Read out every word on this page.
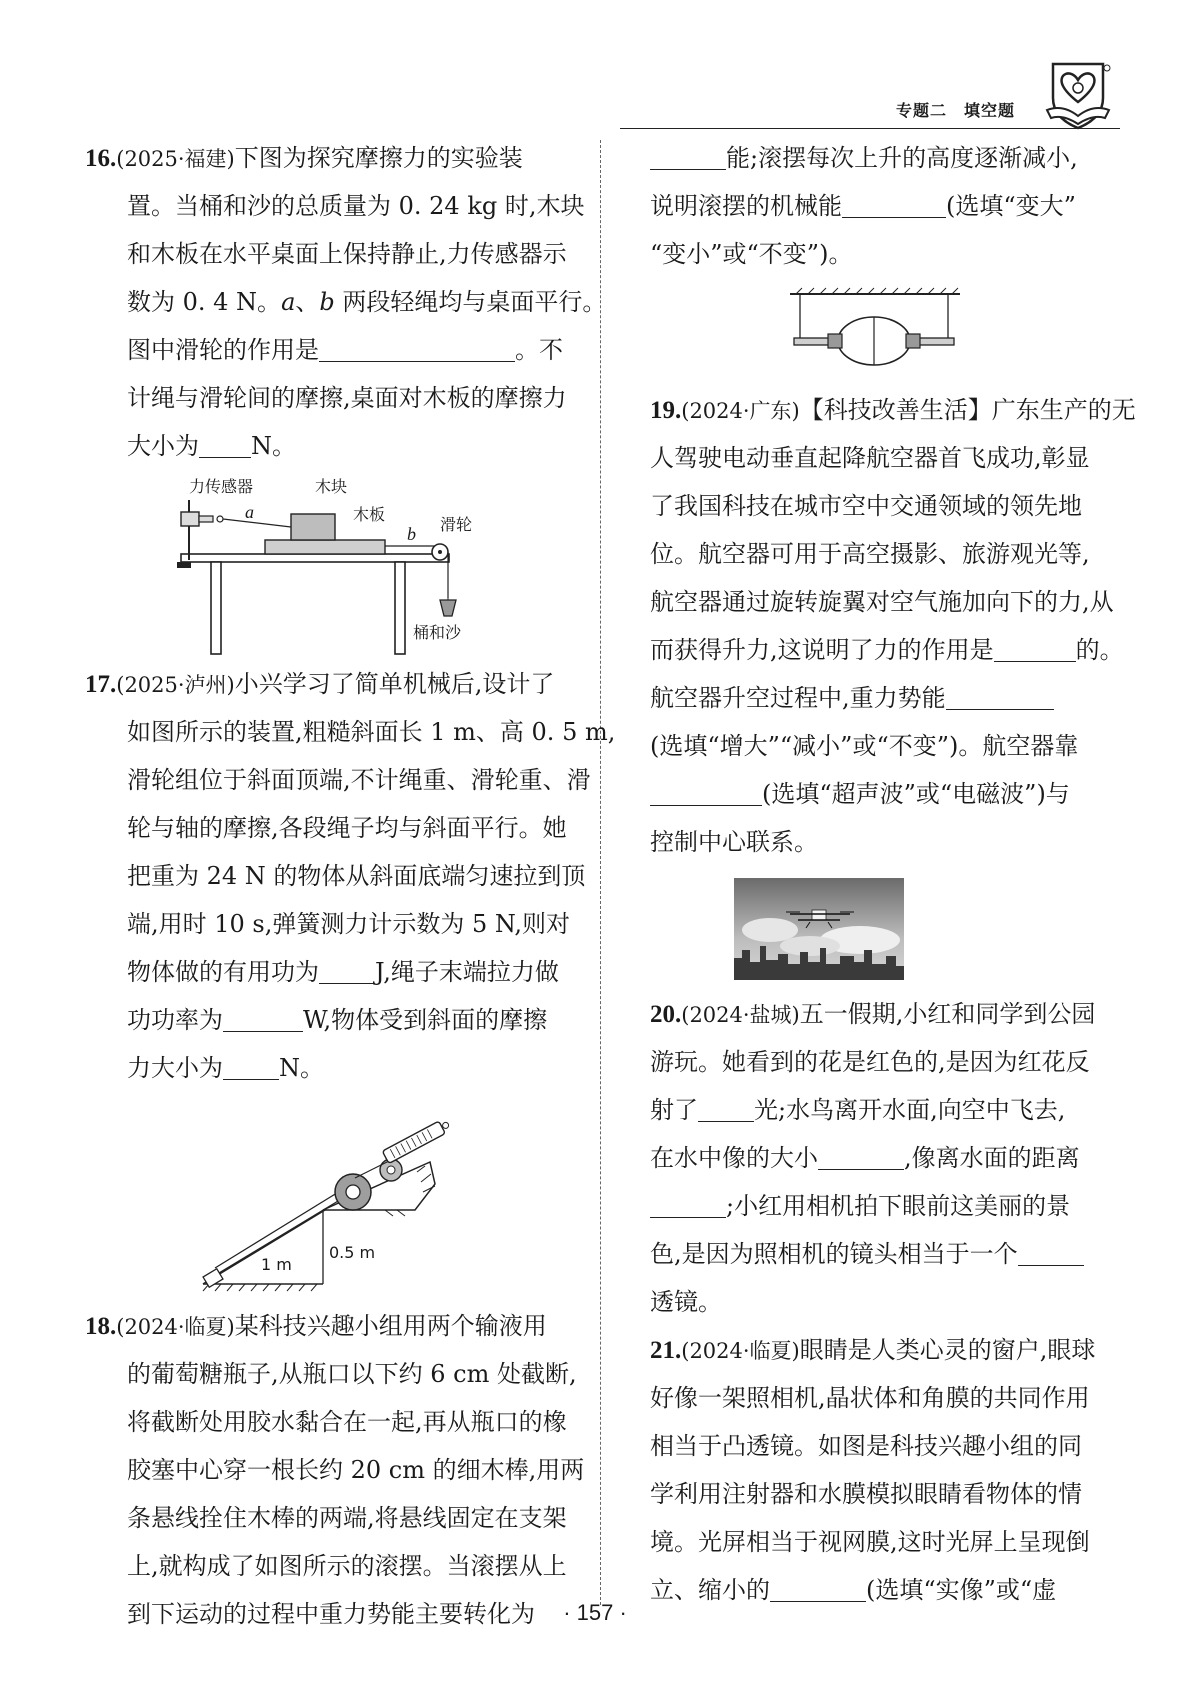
专题二　填空题
16.(2025·福建)下图为探究摩擦力的实验装
置。当桶和沙的总质量为 0. 24 kg 时,木块
和木板在水平桌面上保持静止,力传感器示
数为 0. 4 N。a、b 两段轻绳均与桌面平行。
图中滑轮的作用是	。不
计绳与滑轮间的摩擦,桌面对木板的摩擦力
大小为 N。
力传感器	木块
木板
滑轮
桶和沙
a
b
17.(2025·泸州)小兴学习了简单机械后,设计了
如图所示的装置,粗糙斜面长 1 m、高 0. 5 m,
滑轮组位于斜面顶端,不计绳重、滑轮重、滑
轮与轴的摩擦,各段绳子均与斜面平行。她
把重为 24 N 的物体从斜面底端匀速拉到顶
端,用时 10 s,弹簧测力计示数为 5 N,则对
物体做的有用功为 J,绳子末端拉力做
功功率为	W,物体受到斜面的摩擦
力大小为 N。
1 m
0.5 m
18.(2024·临夏)某科技兴趣小组用两个输液用
的葡萄糖瓶子,从瓶口以下约 6 cm 处截断,
将截断处用胶水黏合在一起,再从瓶口的橡
胶塞中心穿一根长约 20 cm 的细木棒,用两
条悬线拴住木棒的两端,将悬线固定在支架
上,就构成了如图所示的滚摆。当滚摆从上
到下运动的过程中重力势能主要转化为
能;滚摆每次上升的高度逐渐减小,
说明滚摆的机械能	(选填“变大”
“变小”或“不变”)。
19.(2024·广东)【科技改善生活】广东生产的无
人驾驶电动垂直起降航空器首飞成功,彰显
了我国科技在城市空中交通领域的领先地
位。航空器可用于高空摄影、旅游观光等,
航空器通过旋转旋翼对空气施加向下的力,从
而获得升力,这说明了力的作用是	的。
航空器升空过程中,重力势能
(选填“增大”“减小”或“不变”)。航空器靠
(选填“超声波”或“电磁波”)与
控制中心联系。
20.(2024·盐城)五一假期,小红和同学到公园
游玩。她看到的花是红色的,是因为红花反
射了 光;水鸟离开水面,向空中飞去,
在水中像的大小	,像离水面的距离
;小红用相机拍下眼前这美丽的景
色,是因为照相机的镜头相当于一个
透镜。
21.(2024·临夏)眼睛是人类心灵的窗户,眼球
好像一架照相机,晶状体和角膜的共同作用
相当于凸透镜。如图是科技兴趣小组的同
学利用注射器和水膜模拟眼睛看物体的情
境。光屏相当于视网膜,这时光屏上呈现倒
立、缩小的	(选填“实像”或“虚
· 157 ·
